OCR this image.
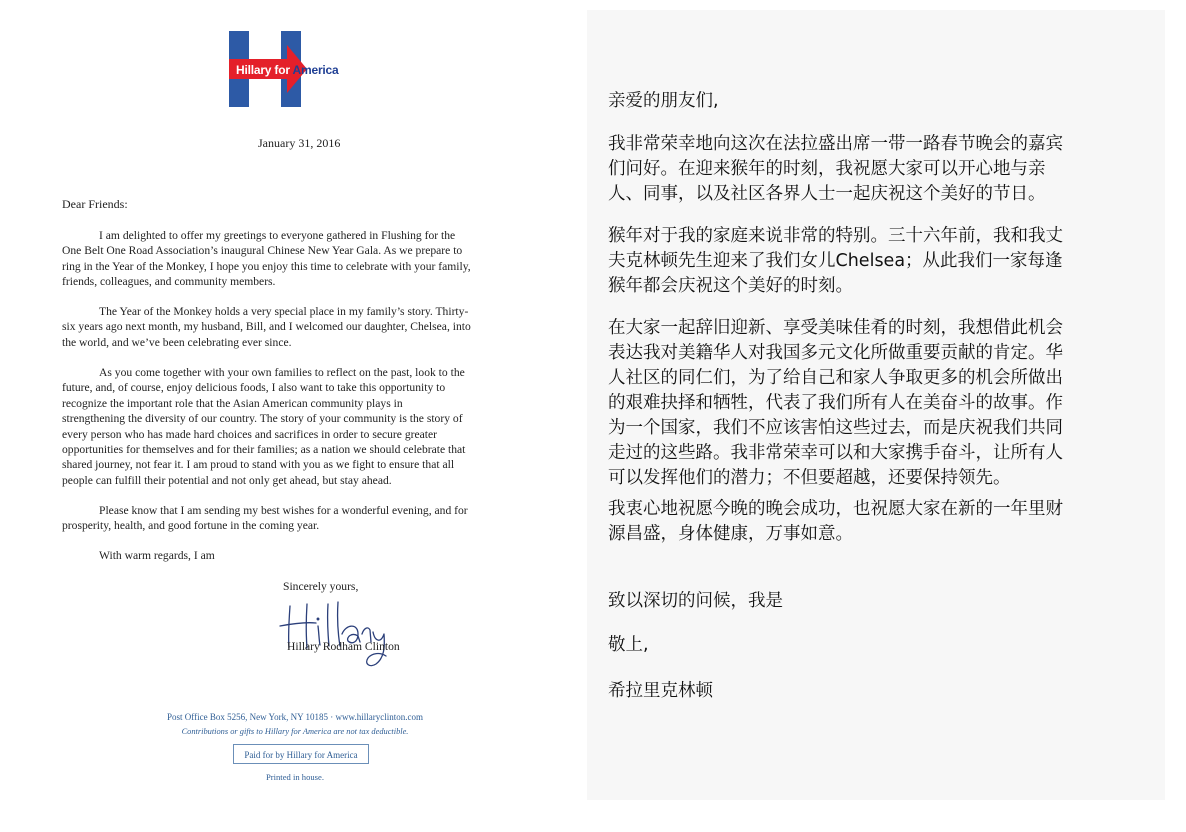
Hillary for America
January 31, 2016
Dear Friends:
I am delighted to offer my greetings to everyone gathered in Flushing for the
One Belt One Road Association’s inaugural Chinese New Year Gala. As we prepare to
ring in the Year of the Monkey, I hope you enjoy this time to celebrate with your family,
friends, colleagues, and community members.
The Year of the Monkey holds a very special place in my family’s story. Thirty-
six years ago next month, my husband, Bill, and I welcomed our daughter, Chelsea, into
the world, and we’ve been celebrating ever since.
As you come together with your own families to reflect on the past, look to the
future, and, of course, enjoy delicious foods, I also want to take this opportunity to
recognize the important role that the Asian American community plays in
strengthening the diversity of our country. The story of your community is the story of
every person who has made hard choices and sacrifices in order to secure greater
opportunities for themselves and for their families; as a nation we should celebrate that
shared journey, not fear it. I am proud to stand with you as we fight to ensure that all
people can fulfill their potential and not only get ahead, but stay ahead.
Please know that I am sending my best wishes for a wonderful evening, and for
prosperity, health, and good fortune in the coming year.
With warm regards, I am
Sincerely yours,
Hillary Rodham Clinton
Post Office Box 5256, New York, NY 10185 · www.hillaryclinton.com
Contributions or gifts to Hillary for America are not tax deductible.
Paid for by Hillary for America
Printed in house.
亲爱的朋友们,
我非常荣幸地向这次在法拉盛出席一带一路春节晚会的嘉宾
们问好。在迎来猴年的时刻，我祝愿大家可以开心地与亲
人、同事，以及社区各界人士一起庆祝这个美好的节日。
猴年对于我的家庭来说非常的特别。三十六年前，我和我丈
夫克林顿先生迎来了我们女儿Chelsea；从此我们一家每逢
猴年都会庆祝这个美好的时刻。
在大家一起辞旧迎新、享受美味佳肴的时刻，我想借此机会
表达我对美籍华人对我国多元文化所做重要贡献的肯定。华
人社区的同仁们，为了给自己和家人争取更多的机会所做出
的艰难抉择和牺牲，代表了我们所有人在美奋斗的故事。作
为一个国家，我们不应该害怕这些过去，而是庆祝我们共同
走过的这些路。我非常荣幸可以和大家携手奋斗，让所有人
可以发挥他们的潜力；不但要超越，还要保持领先。
我衷心地祝愿今晚的晚会成功，也祝愿大家在新的一年里财
源昌盛，身体健康，万事如意。
致以深切的问候，我是
敬上,
希拉里克林顿
